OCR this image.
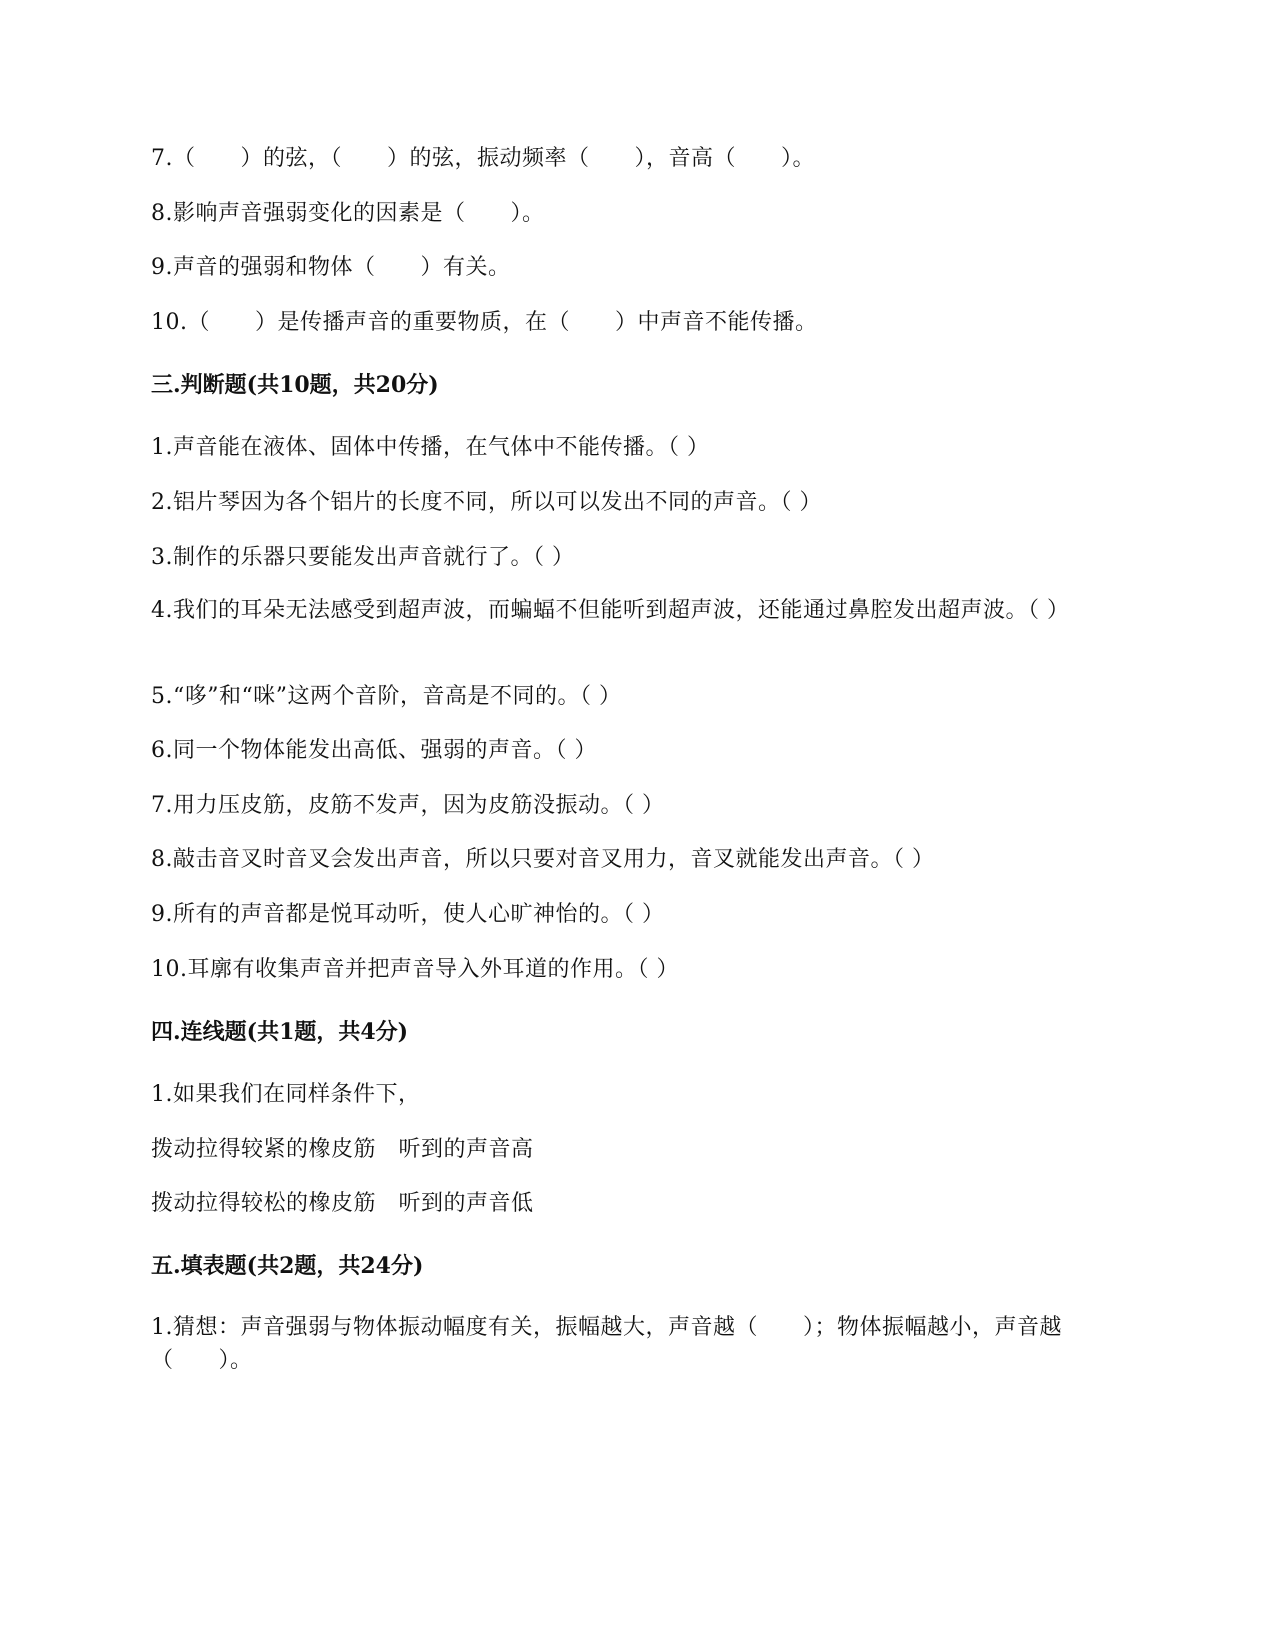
7.（　　）的弦，（　　）的弦，振动频率（　　），音高（　　）。
8.影响声音强弱变化的因素是（　　）。
9.声音的强弱和物体（　　）有关。
10.（　　）是传播声音的重要物质，在（　　）中声音不能传播。
三.判断题(共10题，共20分)
1.声音能在液体、固体中传播，在气体中不能传播。（ ）
2.铝片琴因为各个铝片的长度不同，所以可以发出不同的声音。（ ）
3.制作的乐器只要能发出声音就行了。（ ）
4.我们的耳朵无法感受到超声波，而蝙蝠不但能听到超声波，还能通过鼻腔发出超声波。（ ）
5.“哆”和“咪”这两个音阶，音高是不同的。（ ）
6.同一个物体能发出高低、强弱的声音。（ ）
7.用力压皮筋，皮筋不发声，因为皮筋没振动。（ ）
8.敲击音叉时音叉会发出声音，所以只要对音叉用力，音叉就能发出声音。（ ）
9.所有的声音都是悦耳动听，使人心旷神怡的。（ ）
10.耳廓有收集声音并把声音导入外耳道的作用。（ ）
四.连线题(共1题，共4分)
1.如果我们在同样条件下，
拨动拉得较紧的橡皮筋　听到的声音高
拨动拉得较松的橡皮筋　听到的声音低
五.填表题(共2题，共24分)
1.猜想：声音强弱与物体振动幅度有关，振幅越大，声音越（　　）；物体振幅越小，声音越（　　）。
